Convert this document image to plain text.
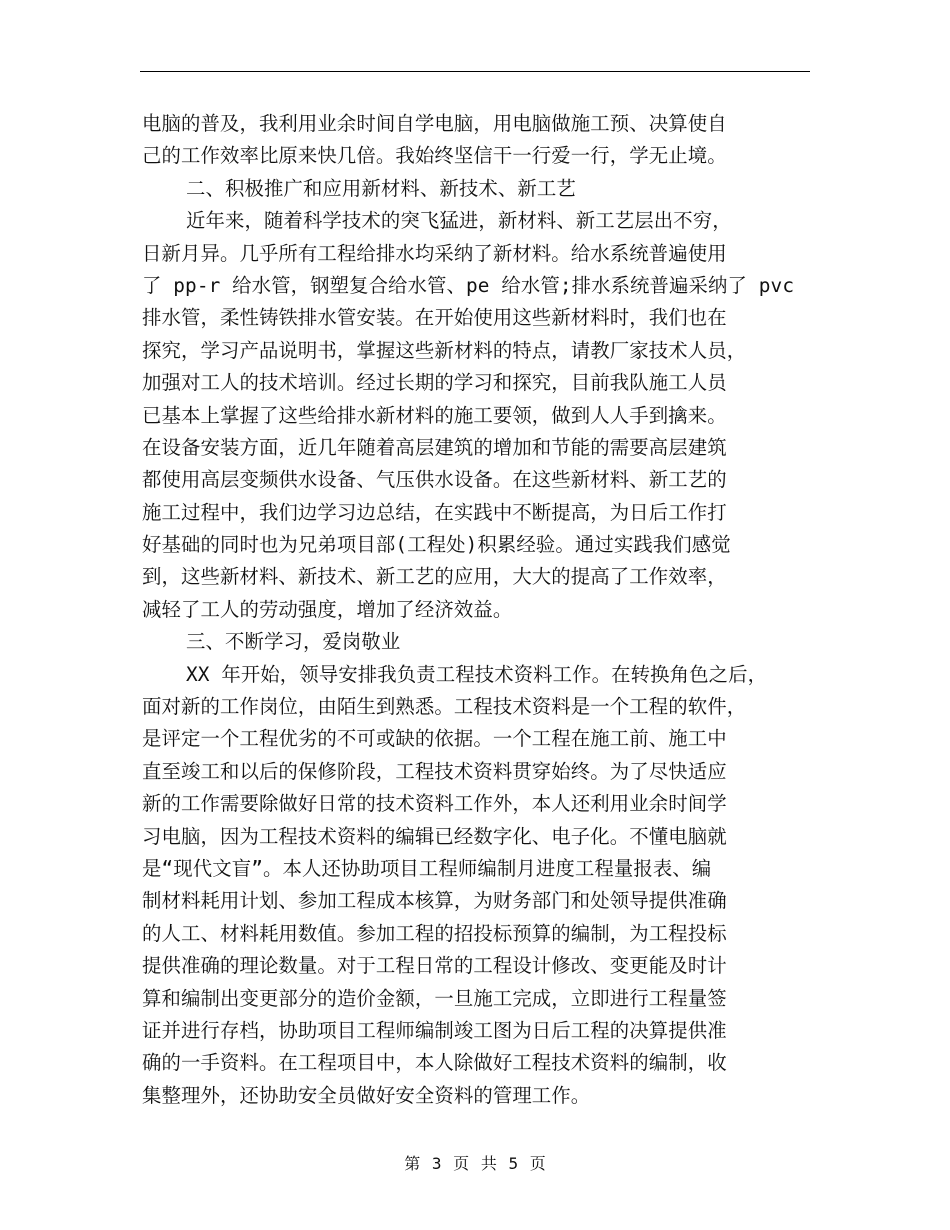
电脑的普及，我利用业余时间自学电脑，用电脑做施工预、决算使自
己的工作效率比原来快几倍。我始终坚信干一行爱一行，学无止境。
二、积极推广和应用新材料、新技术、新工艺
近年来，随着科学技术的突飞猛进，新材料、新工艺层出不穷，
日新月异。几乎所有工程给排水均采纳了新材料。给水系统普遍使用
了 pp-r 给水管，钢塑复合给水管、pe 给水管;排水系统普遍采纳了 pvc
排水管，柔性铸铁排水管安装。在开始使用这些新材料时，我们也在
探究，学习产品说明书，掌握这些新材料的特点，请教厂家技术人员，
加强对工人的技术培训。经过长期的学习和探究，目前我队施工人员
已基本上掌握了这些给排水新材料的施工要领，做到人人手到擒来。
在设备安装方面，近几年随着高层建筑的增加和节能的需要高层建筑
都使用高层变频供水设备、气压供水设备。在这些新材料、新工艺的
施工过程中，我们边学习边总结，在实践中不断提高，为日后工作打
好基础的同时也为兄弟项目部(工程处)积累经验。通过实践我们感觉
到，这些新材料、新技术、新工艺的应用，大大的提高了工作效率，
减轻了工人的劳动强度，增加了经济效益。
三、不断学习，爱岗敬业
XX 年开始，领导安排我负责工程技术资料工作。在转换角色之后，
面对新的工作岗位，由陌生到熟悉。工程技术资料是一个工程的软件，
是评定一个工程优劣的不可或缺的依据。一个工程在施工前、施工中
直至竣工和以后的保修阶段，工程技术资料贯穿始终。为了尽快适应
新的工作需要除做好日常的技术资料工作外，本人还利用业余时间学
习电脑，因为工程技术资料的编辑已经数字化、电子化。不懂电脑就
是“现代文盲”。本人还协助项目工程师编制月进度工程量报表、编
制材料耗用计划、参加工程成本核算，为财务部门和处领导提供准确
的人工、材料耗用数值。参加工程的招投标预算的编制，为工程投标
提供准确的理论数量。对于工程日常的工程设计修改、变更能及时计
算和编制出变更部分的造价金额，一旦施工完成，立即进行工程量签
证并进行存档，协助项目工程师编制竣工图为日后工程的决算提供准
确的一手资料。在工程项目中，本人除做好工程技术资料的编制，收
集整理外，还协助安全员做好安全资料的管理工作。
第 3 页 共 5 页
